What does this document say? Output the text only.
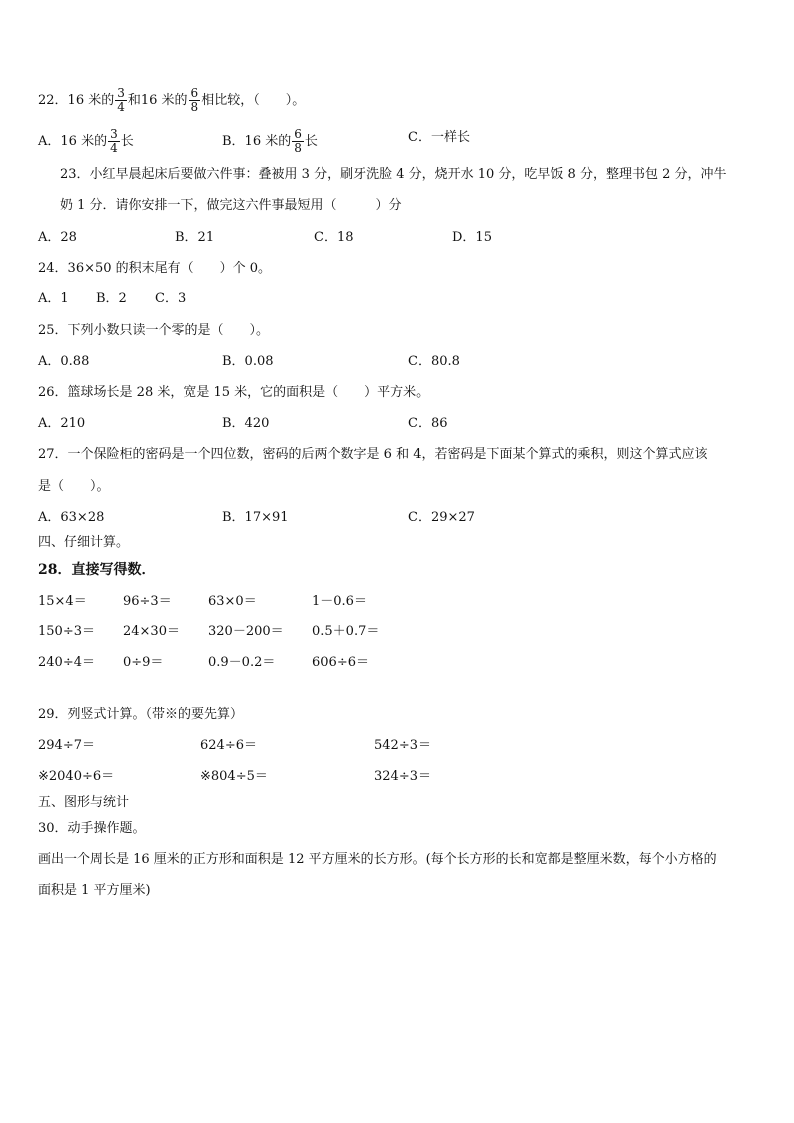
22．16 米的 $\frac{3}{4}$ 和16 米的 $\frac{6}{8}$ 相比较，（　　）。
A．16 米的 $\frac{3}{4}$ 长	B．16 米的 $\frac{6}{8}$ 长	C．一样长
23．小红早晨起床后要做六件事：叠被用 3 分，刷牙洗脸 4 分，烧开水 10 分，吃早饭 8 分，整理书包 2 分，冲牛
奶 1 分．请你安排一下，做完这六件事最短用（　　　）分
A．28	B．21	C．18	D．15
24．36×50 的积末尾有（　　）个 0。
A．1 B．2 C．3
25．下列小数只读一个零的是（　　）。
A．0.88	B．0.08	C．80.8
26．篮球场长是 28 米，宽是 15 米，它的面积是（　　）平方米。
A．210	B．420	C．86
27．一个保险柜的密码是一个四位数，密码的后两个数字是 6 和 4，若密码是下面某个算式的乘积，则这个算式应该
是（　　）。
A．63×28	B．17×91	C．29×27
四、仔细计算。
28．直接写得数．
15×4＝	96÷3＝	63×0＝	1－0.6＝
150÷3＝ 24×30＝ 320－200＝ 0.5＋0.7＝
240÷4＝ 0÷9＝	0.9－0.2＝	606÷6＝
29．列竖式计算。（带※的要先算）
294÷7＝	624÷6＝	542÷3＝
※2040÷6＝	※804÷5＝	324÷3＝
五、图形与统计
30．动手操作题。
画出一个周长是 16 厘米的正方形和面积是 12 平方厘米的长方形。(每个长方形的长和宽都是整厘米数，每个小方格的
面积是 1 平方厘米)
